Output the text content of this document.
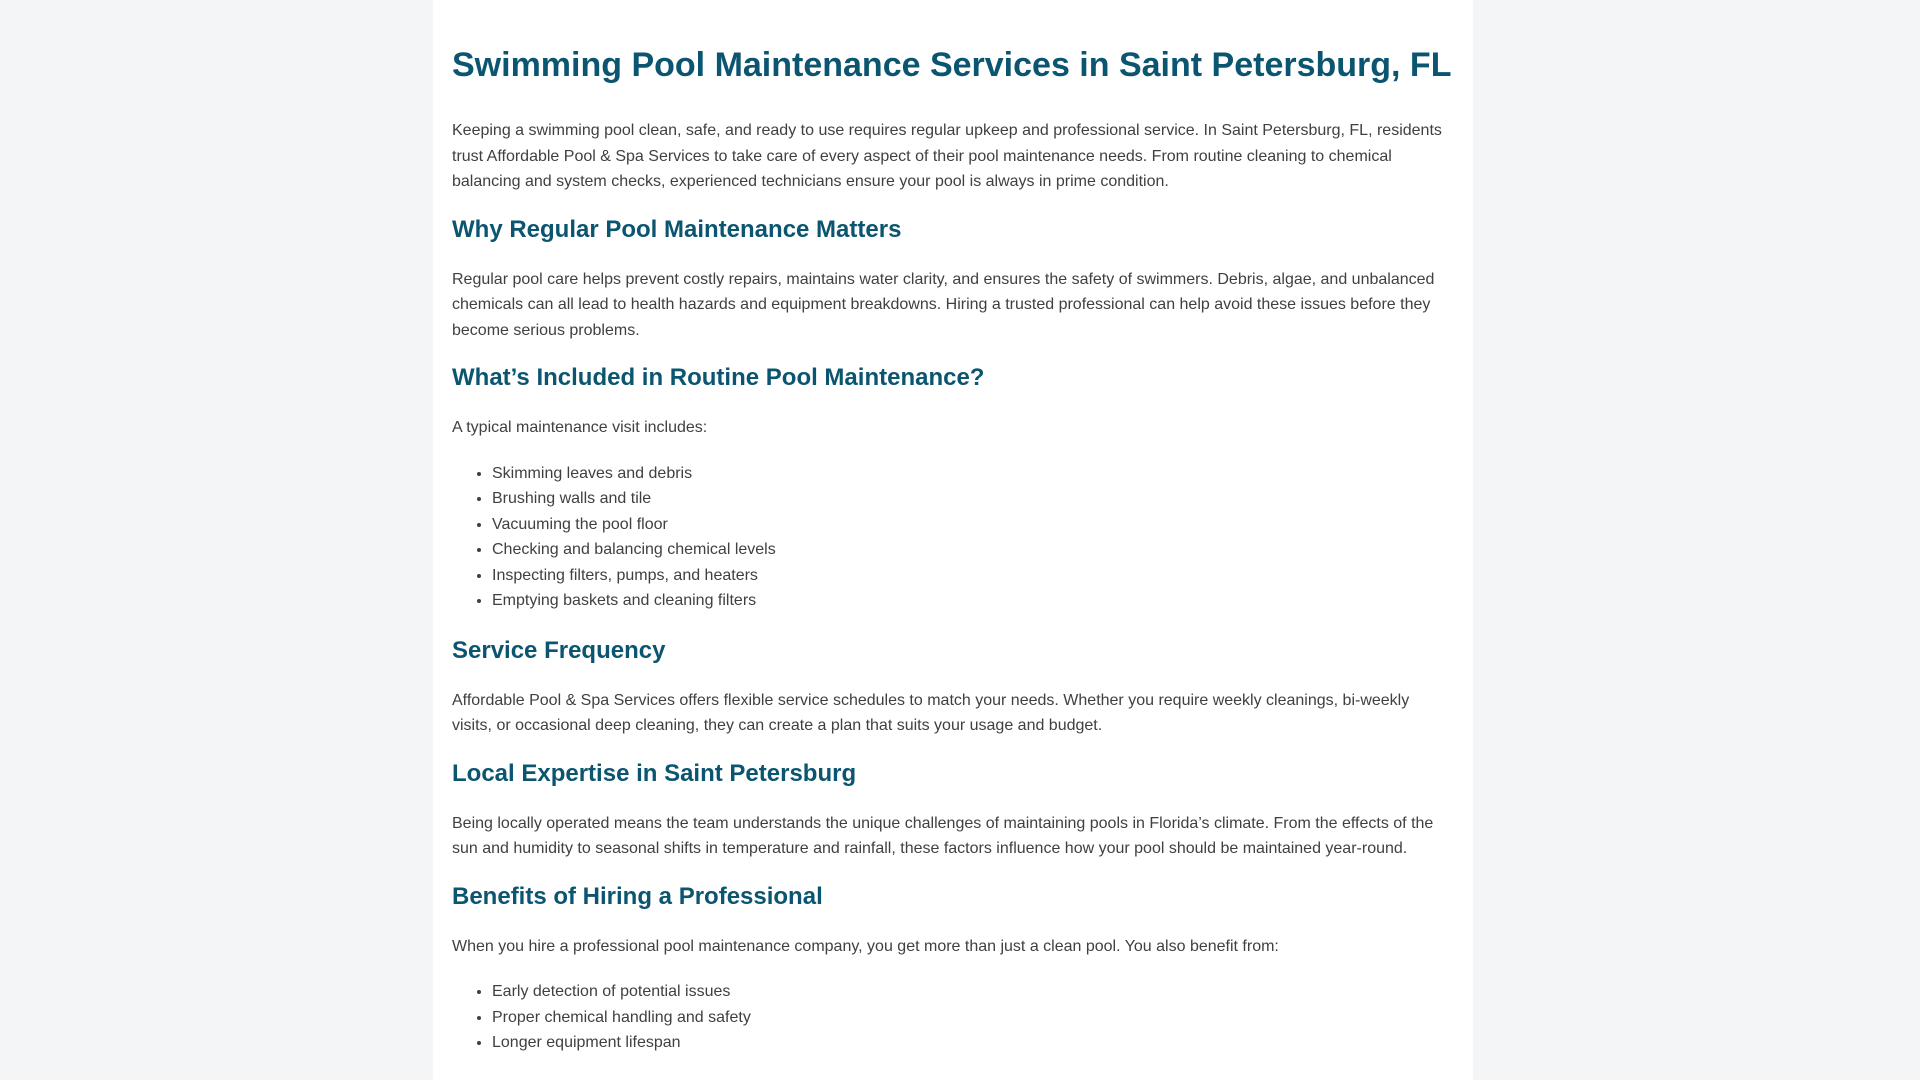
Swimming Pool Maintenance Services in Saint Petersburg, FL

Keeping a swimming pool clean, safe, and ready to use requires regular upkeep and professional service. In Saint Petersburg, FL, residents trust Affordable Pool & Spa Services to take care of every aspect of their pool maintenance needs. From routine cleaning to chemical balancing and system checks, experienced technicians ensure your pool is always in prime condition.

Why Regular Pool Maintenance Matters

Regular pool care helps prevent costly repairs, maintains water clarity, and ensures the safety of swimmers. Debris, algae, and unbalanced chemicals can all lead to health hazards and equipment breakdowns. Hiring a trusted professional can help avoid these issues before they become serious problems.

What’s Included in Routine Pool Maintenance?

A typical maintenance visit includes:

• Skimming leaves and debris
• Brushing walls and tile
• Vacuuming the pool floor
• Checking and balancing chemical levels
• Inspecting filters, pumps, and heaters
• Emptying baskets and cleaning filters
Service Frequency

Affordable Pool & Spa Services offers flexible service schedules to match your needs. Whether you require weekly cleanings, bi-weekly visits, or occasional deep cleaning, they can create a plan that suits your usage and budget.

Local Expertise in Saint Petersburg

Being locally operated means the team understands the unique challenges of maintaining pools in Florida’s climate. From the effects of the sun and humidity to seasonal shifts in temperature and rainfall, these factors influence how your pool should be maintained year-round.

Benefits of Hiring a Professional

When you hire a professional pool maintenance company, you get more than just a clean pool. You also benefit from:

• Early detection of potential issues
• Proper chemical handling and safety
• Longer equipment lifespan
